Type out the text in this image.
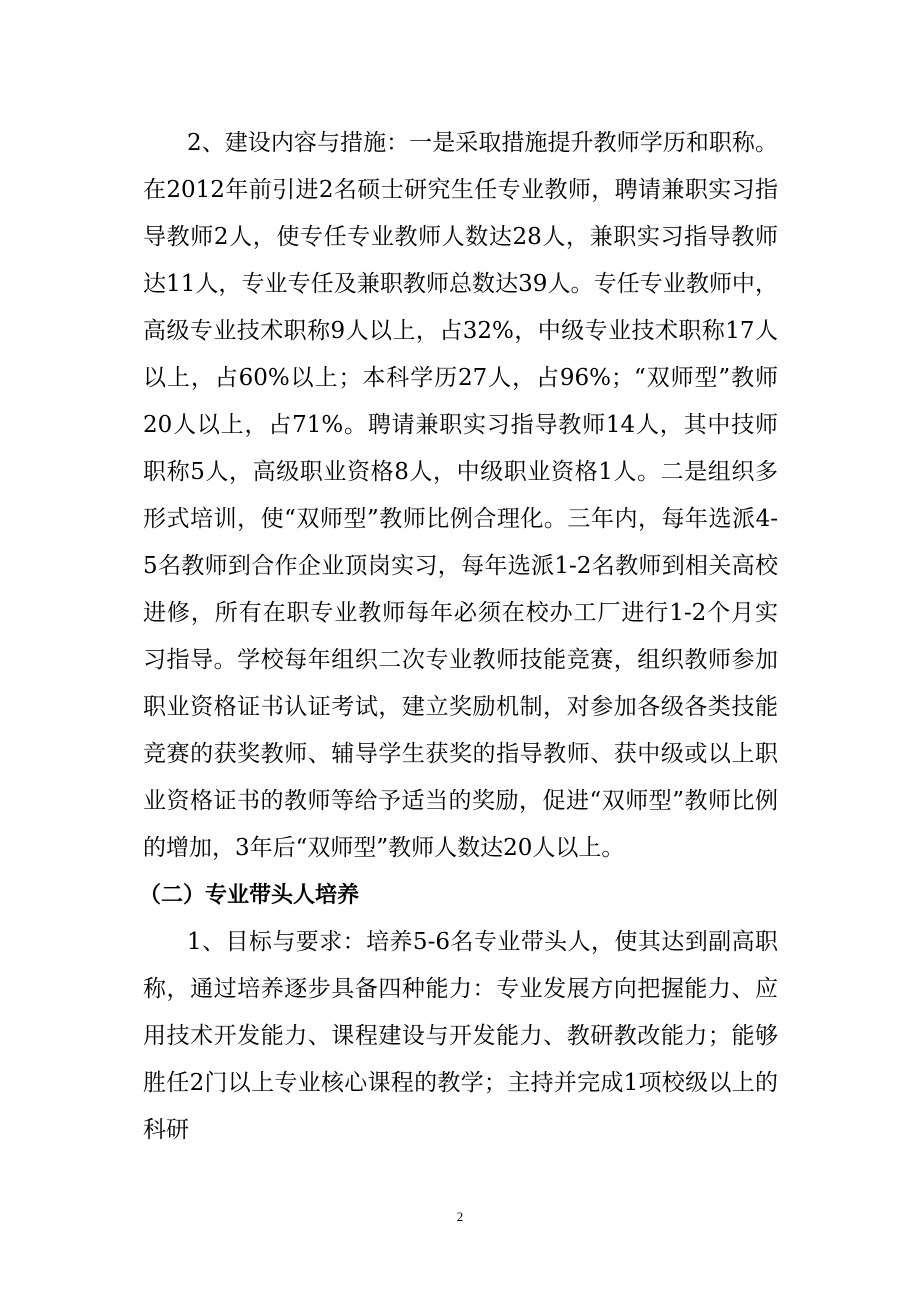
2、建设内容与措施：一是采取措施提升教师学历和职称。在2012年前引进2名硕士研究生任专业教师，聘请兼职实习指导教师2人，使专任专业教师人数达28人，兼职实习指导教师达11人，专业专任及兼职教师总数达39人。专任专业教师中，高级专业技术职称9人以上，占32%，中级专业技术职称17人以上，占60%以上；本科学历27人，占96%；“双师型”教师20人以上，占71%。聘请兼职实习指导教师14人，其中技师职称5人，高级职业资格8人，中级职业资格1人。二是组织多形式培训，使“双师型”教师比例合理化。三年内，每年选派4-5名教师到合作企业顶岗实习，每年选派1-2名教师到相关高校进修，所有在职专业教师每年必须在校办工厂进行1-2个月实习指导。学校每年组织二次专业教师技能竞赛，组织教师参加职业资格证书认证考试，建立奖励机制，对参加各级各类技能竞赛的获奖教师、辅导学生获奖的指导教师、获中级或以上职业资格证书的教师等给予适当的奖励，促进“双师型”教师比例的增加，3年后“双师型”教师人数达20人以上。

（二）专业带头人培养

1、目标与要求：培养5-6名专业带头人，使其达到副高职称，通过培养逐步具备四种能力：专业发展方向把握能力、应用技术开发能力、课程建设与开发能力、教研教改能力；能够胜任2门以上专业核心课程的教学；主持并完成1项校级以上的科研

2
